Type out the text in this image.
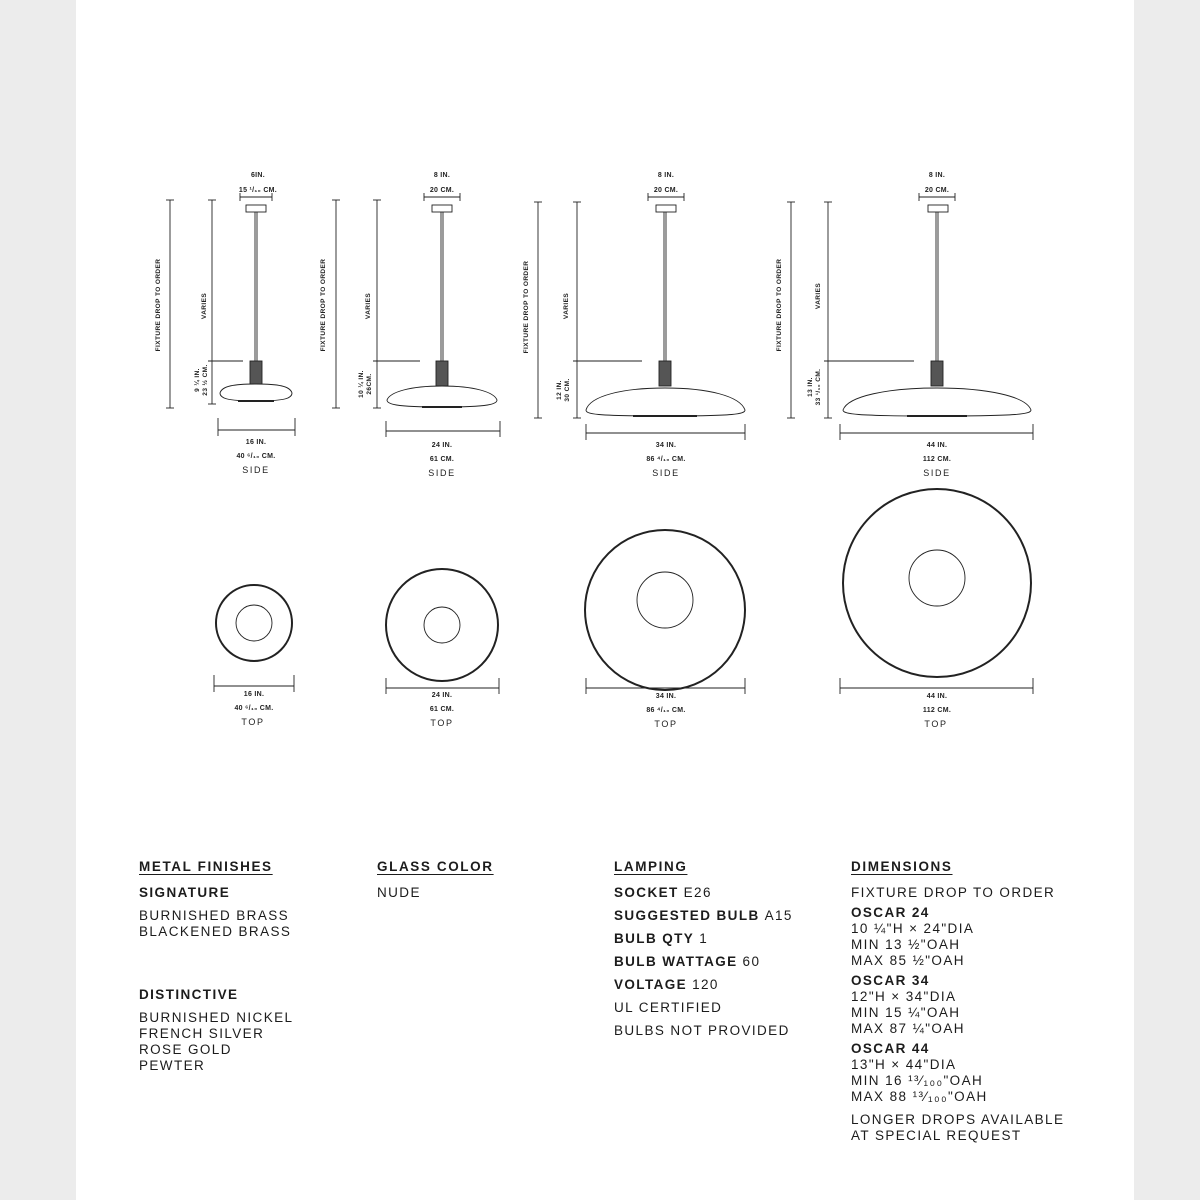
6IN.
15 ¹/₁₀ CM.
FIXTURE DROP TO ORDER	VARIES
9 ¼ IN. 23 ½ CM.
16 IN.
40 ⁶/₁₀ CM.
SIDE
16 IN.
40 ⁶/₁₀ CM.
TOP
8 IN.
20 CM.
FIXTURE DROP TO ORDER	VARIES
10 ¼ IN. 26CM.
24 IN.
61 CM.
SIDE
24 IN.
61 CM.
TOP
8 IN.
20 CM.
FIXTURE DROP TO ORDER	VARIES
12 IN. 30 CM.
34 IN.
86 ⁴/₁₀ CM.
SIDE
34 IN.
86 ⁴/₁₀ CM.
TOP
8 IN.
20 CM.
FIXTURE DROP TO ORDER	VARIES
13 IN. 33 ¹/₁₀ CM.
44 IN.
112 CM.
SIDE
44 IN.
112 CM.
TOP
METAL FINISHES
SIGNATURE
BURNISHED BRASS
BLACKENED BRASS
DISTINCTIVE
BURNISHED NICKEL
FRENCH SILVER
ROSE GOLD
PEWTER
GLASS COLOR
NUDE
LAMPING
SOCKET E26
SUGGESTED BULB A15
BULB QTY 1
BULB WATTAGE 60
VOLTAGE 120
UL CERTIFIED
BULBS NOT PROVIDED
DIMENSIONS
FIXTURE DROP TO ORDER
OSCAR 24
10 ¼"H × 24"DIA
MIN 13 ½"OAH
MAX 85 ½"OAH
OSCAR 34
12"H × 34"DIA
MIN 15 ¼"OAH
MAX 87 ¼"OAH
OSCAR 44
13"H × 44"DIA
MIN 16 ¹³⁄₁₀₀"OAH
MAX 88 ¹³⁄₁₀₀"OAH
LONGER DROPS AVAILABLE
AT SPECIAL REQUEST
